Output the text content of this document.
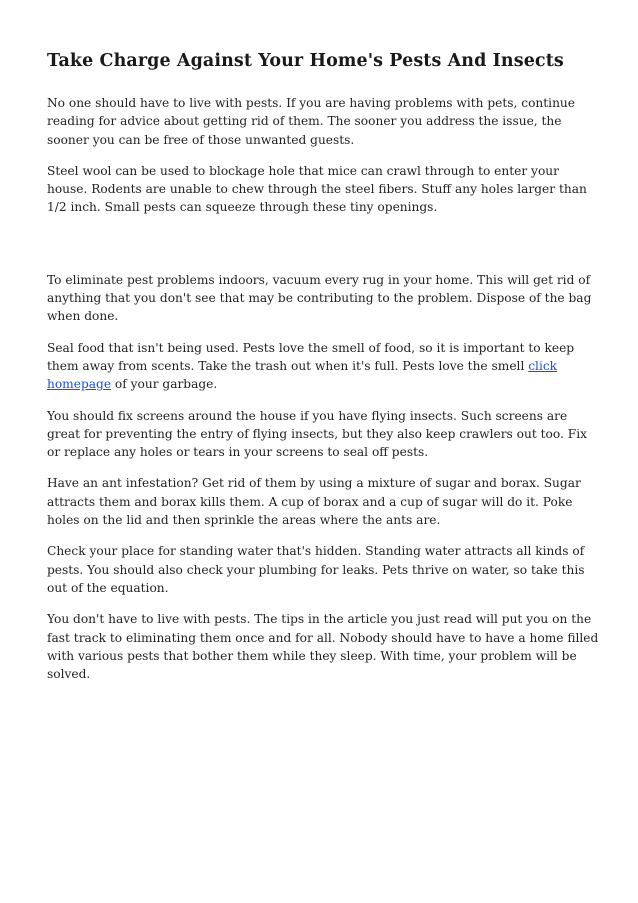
Take Charge Against Your Home's Pests And Insects

No one should have to live with pests. If you are having problems with pets, continue reading for advice about getting rid of them. The sooner you address the issue, the sooner you can be free of those unwanted guests.

Steel wool can be used to blockage hole that mice can crawl through to enter your house. Rodents are unable to chew through the steel fibers. Stuff any holes larger than 1/2 inch. Small pests can squeeze through these tiny openings.

To eliminate pest problems indoors, vacuum every rug in your home. This will get rid of anything that you don't see that may be contributing to the problem. Dispose of the bag when done.

Seal food that isn't being used. Pests love the smell of food, so it is important to keep them away from scents. Take the trash out when it's full. Pests love the smell click homepage of your garbage.

You should fix screens around the house if you have flying insects. Such screens are great for preventing the entry of flying insects, but they also keep crawlers out too. Fix or replace any holes or tears in your screens to seal off pests.

Have an ant infestation? Get rid of them by using a mixture of sugar and borax. Sugar attracts them and borax kills them. A cup of borax and a cup of sugar will do it. Poke holes on the lid and then sprinkle the areas where the ants are.

Check your place for standing water that's hidden. Standing water attracts all kinds of pests. You should also check your plumbing for leaks. Pets thrive on water, so take this out of the equation.

You don't have to live with pests. The tips in the article you just read will put you on the fast track to eliminating them once and for all. Nobody should have to have a home filled with various pests that bother them while they sleep. With time, your problem will be solved.
